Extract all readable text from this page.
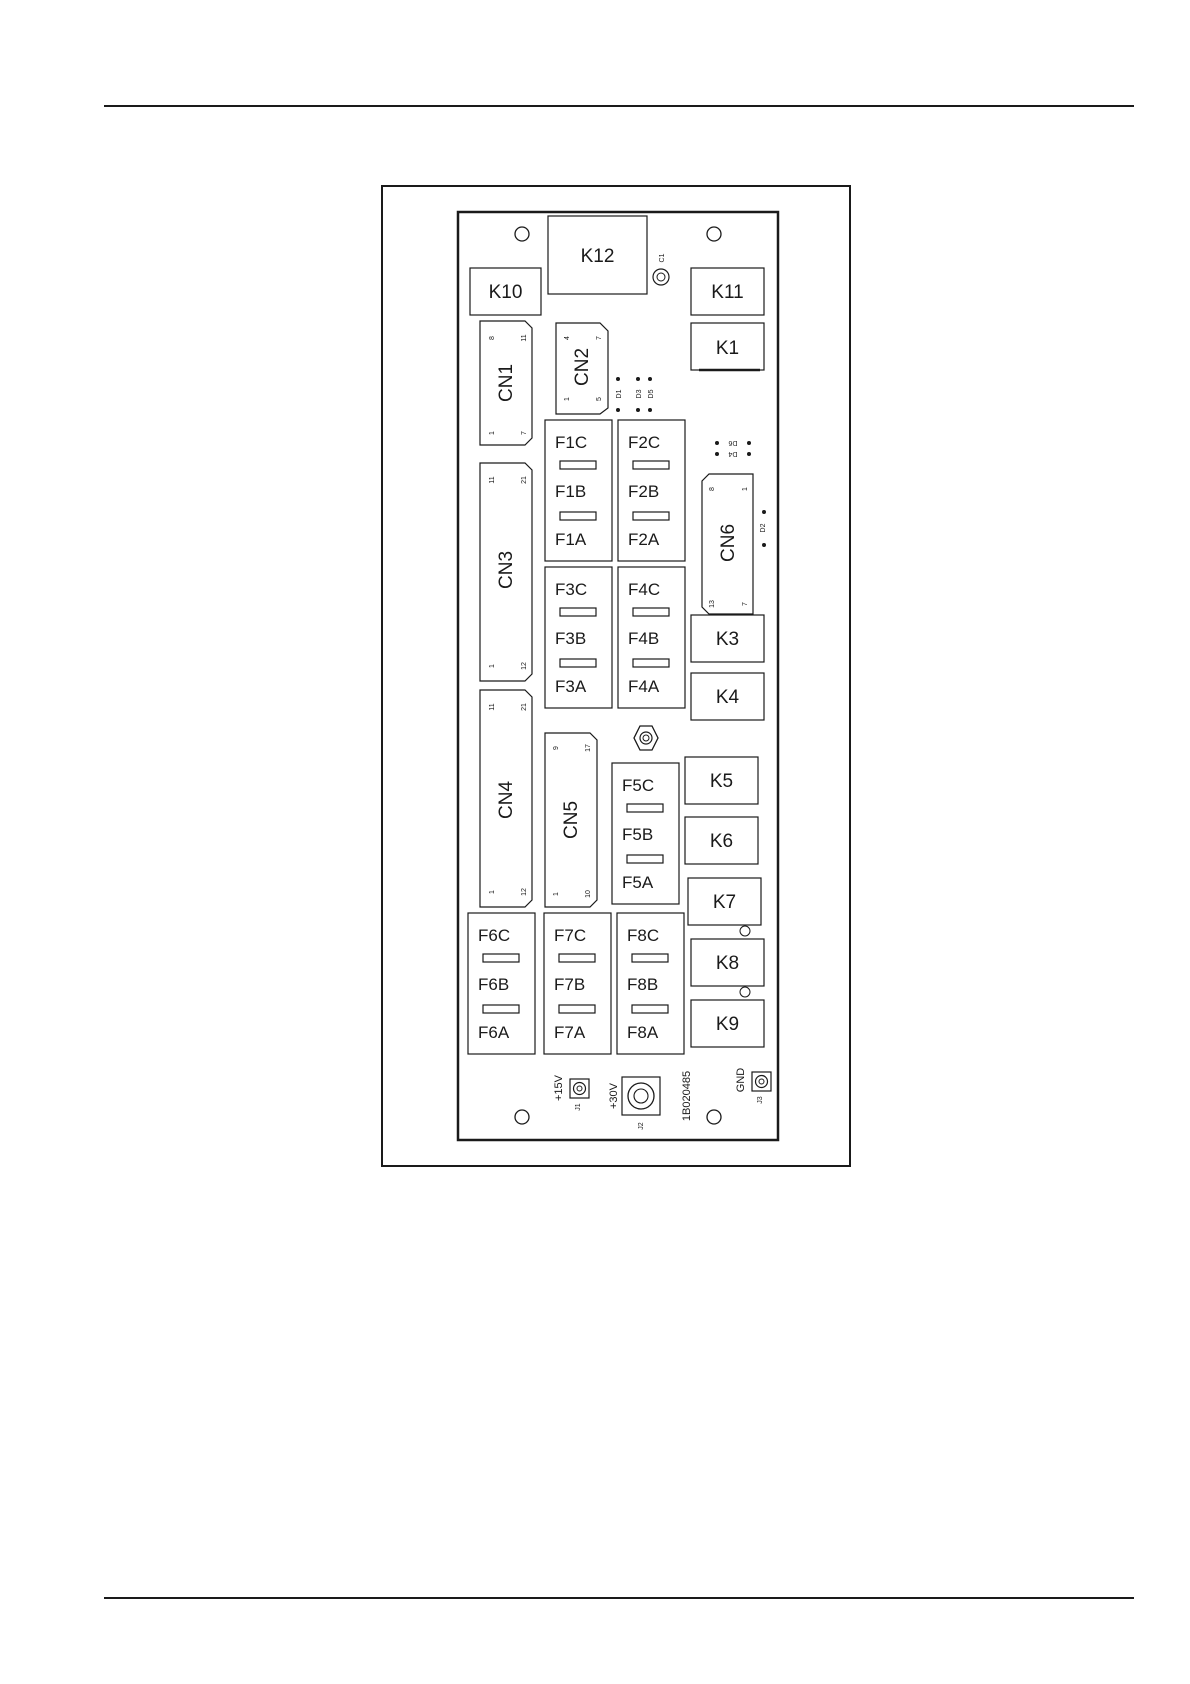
K12
K10	K11
K1
K3
K4
K5
K6
K7
K8
K9
C1
CN1
8	11
1	7
CN2
4	7
1	5
CN3
11	21
1	12
CN4
11	21
1	12
CN5
9	17
1	10
CN6
8	1
13	7
D1 D3 D5
D6
D4
D2
F1C
F1B
F1A
F2C
F2B
F2A
F3C
F3B
F3A
F4C
F4B
F4A
F5C
F5B
F5A
F6C
F6B
F6A
F7C
F7B
F7A
F8C
F8B
F8A
+15V
J1 +30V
J2
1B020485	GND
J3
